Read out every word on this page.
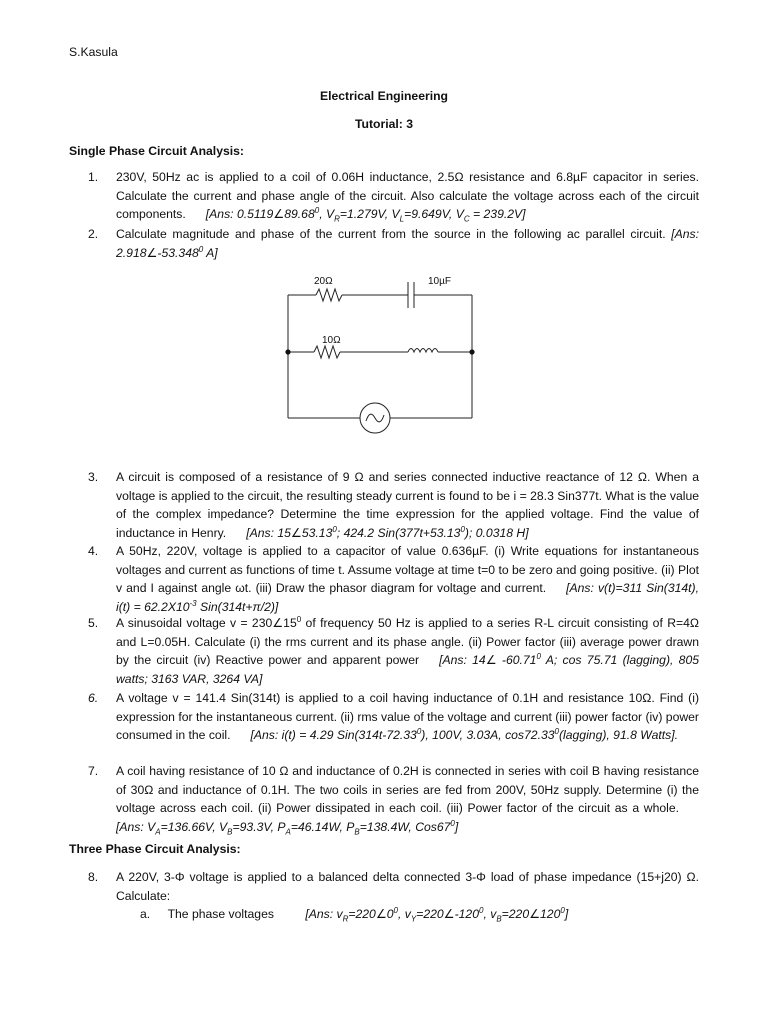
S.Kasula
Electrical Engineering
Tutorial: 3
Single Phase Circuit Analysis:
1.	230V, 50Hz ac is applied to a coil of 0.06H inductance, 2.5Ω resistance and 6.8µF capacitor in series. Calculate the current and phase angle of the circuit. Also calculate the voltage across each of the circuit components. [Ans: 0.5119∠89.68$^0$, $V_R=1.279V$, $V_L=9.649V$, $V_C = 239.2V$]
2.	Calculate magnitude and phase of the current from the source in the following ac parallel circuit. [Ans: 2.918∠-53.348$^0$ A]
20Ω	10µF
10Ω
3.	A circuit is composed of a resistance of 9 Ω and series connected inductive reactance of 12 Ω. When a voltage is applied to the circuit, the resulting steady current is found to be i = 28.3 Sin377t. What is the value of the complex impedance? Determine the time expression for the applied voltage. Find the value of inductance in Henry. [Ans: 15∠53.13$^0$; 424.2 $Sin(377t+53.13^0)$; 0.0318 H]
4.	A 50Hz, 220V, voltage is applied to a capacitor of value 0.636µF. (i) Write equations for instantaneous voltages and current as functions of time t. Assume voltage at time t=0 to be zero and going positive. (ii) Plot v and I against angle ωt. (iii) Draw the phasor diagram for voltage and current. [Ans: v(t)=311 Sin(314t), $i(t) = 62.2X10^{-3}$ Sin(314t+π/2)]
5.	A sinusoidal voltage $v = 230\angle 15^0$ of frequency 50 Hz is applied to a series R-L circuit consisting of R=4Ω and L=0.05H. Calculate (i) the rms current and its phase angle. (ii) Power factor (iii) average power drawn by the circuit (iv) Reactive power and apparent power [Ans: 14∠ -60.71$^0$ A; cos 75.71 (lagging), 805 watts; 3163 VAR, 3264 VA]
6.	A voltage v = 141.4 Sin(314t) is applied to a coil having inductance of 0.1H and resistance 10Ω. Find (i) expression for the instantaneous current. (ii) rms value of the voltage and current (iii) power factor (iv) power consumed in the coil. [Ans: i(t) = 4.29 Sin(314t-72.33$^0$), 100V, 3.03A, cos72.33$^0$(lagging), 91.8 Watts].
7.	A coil having resistance of 10 Ω and inductance of 0.2H is connected in series with coil B having resistance of 30Ω and inductance of 0.1H. The two coils in series are fed from 200V, 50Hz supply. Determine (i) the voltage across each coil. (ii) Power dissipated in each coil. (iii) Power factor of the circuit as a whole.[Ans: $V_A=136.66V$, $V_B=93.3V$, $P_A=46.14W$, $P_B=138.4W$, $Cos67^0$]
Three Phase Circuit Analysis:
8.	A 220V, 3-Φ voltage is applied to a balanced delta connected 3-Φ load of phase impedance (15+j20) Ω. Calculate:
a. The phase voltages	[Ans: $v_R=220\angle 0^0$, $v_Y=220\angle-120^0$, $v_B=220\angle 120^0$]
